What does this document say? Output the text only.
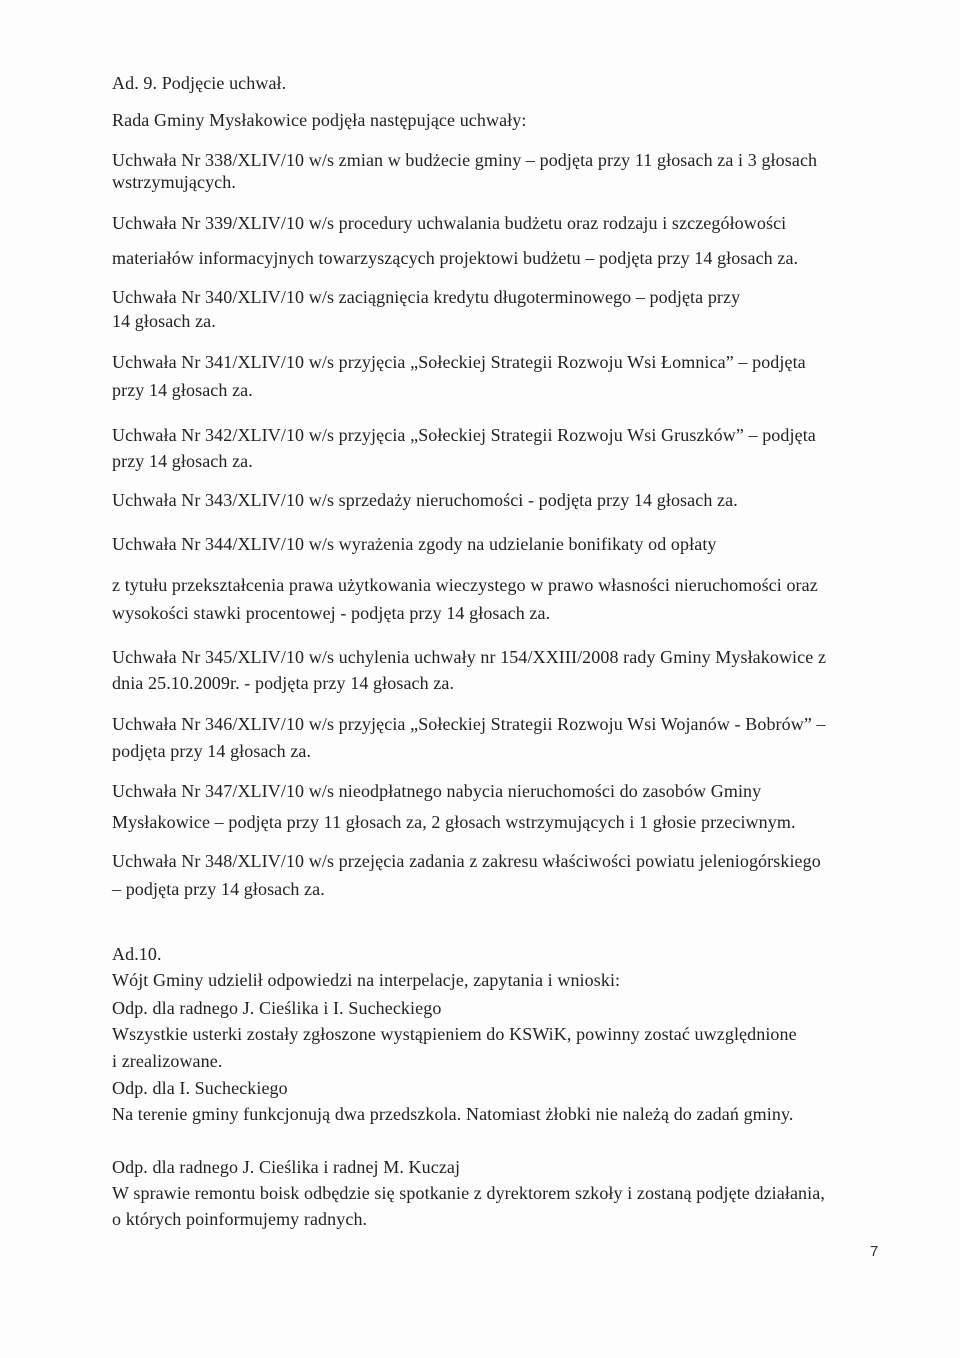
Ad. 9. Podjęcie uchwał.
Rada Gminy Mysłakowice podjęła następujące uchwały:
Uchwała Nr 338/XLIV/10 w/s zmian w budżecie gminy – podjęta przy 11 głosach za i 3 głosach
wstrzymujących.
Uchwała Nr 339/XLIV/10 w/s procedury uchwalania budżetu oraz rodzaju i szczegółowości
materiałów informacyjnych towarzyszących projektowi budżetu – podjęta przy 14 głosach za.
Uchwała Nr 340/XLIV/10 w/s zaciągnięcia kredytu długoterminowego – podjęta przy
14 głosach za.
Uchwała Nr 341/XLIV/10 w/s przyjęcia „Sołeckiej Strategii Rozwoju Wsi Łomnica” – podjęta
przy 14 głosach za.
Uchwała Nr 342/XLIV/10 w/s przyjęcia „Sołeckiej Strategii Rozwoju Wsi Gruszków” – podjęta
przy 14 głosach za.
Uchwała Nr 343/XLIV/10 w/s sprzedaży nieruchomości - podjęta przy 14 głosach za.
Uchwała Nr 344/XLIV/10 w/s wyrażenia zgody na udzielanie bonifikaty od opłaty
z tytułu przekształcenia prawa użytkowania wieczystego w prawo własności nieruchomości oraz
wysokości stawki procentowej - podjęta przy 14 głosach za.
Uchwała Nr 345/XLIV/10 w/s uchylenia uchwały nr 154/XXIII/2008 rady Gminy Mysłakowice z
dnia 25.10.2009r. - podjęta przy 14 głosach za.
Uchwała Nr 346/XLIV/10 w/s przyjęcia „Sołeckiej Strategii Rozwoju Wsi Wojanów - Bobrów” –
podjęta przy 14 głosach za.
Uchwała Nr 347/XLIV/10 w/s nieodpłatnego nabycia nieruchomości do zasobów Gminy
Mysłakowice – podjęta przy 11 głosach za, 2 głosach wstrzymujących i 1 głosie przeciwnym.
Uchwała Nr 348/XLIV/10 w/s przejęcia zadania z zakresu właściwości powiatu jeleniogórskiego
– podjęta przy 14 głosach za.
Ad.10.
Wójt Gminy udzielił odpowiedzi na interpelacje, zapytania i wnioski:
Odp. dla radnego J. Cieślika i I. Sucheckiego
Wszystkie usterki zostały zgłoszone wystąpieniem do KSWiK, powinny zostać uwzględnione
i zrealizowane.
Odp. dla I. Sucheckiego
Na terenie gminy funkcjonują dwa przedszkola. Natomiast żłobki nie należą do zadań gminy.
Odp. dla radnego J. Cieślika i radnej M. Kuczaj
W sprawie remontu boisk odbędzie się spotkanie z dyrektorem szkoły i zostaną podjęte działania,
o których poinformujemy radnych.
7
